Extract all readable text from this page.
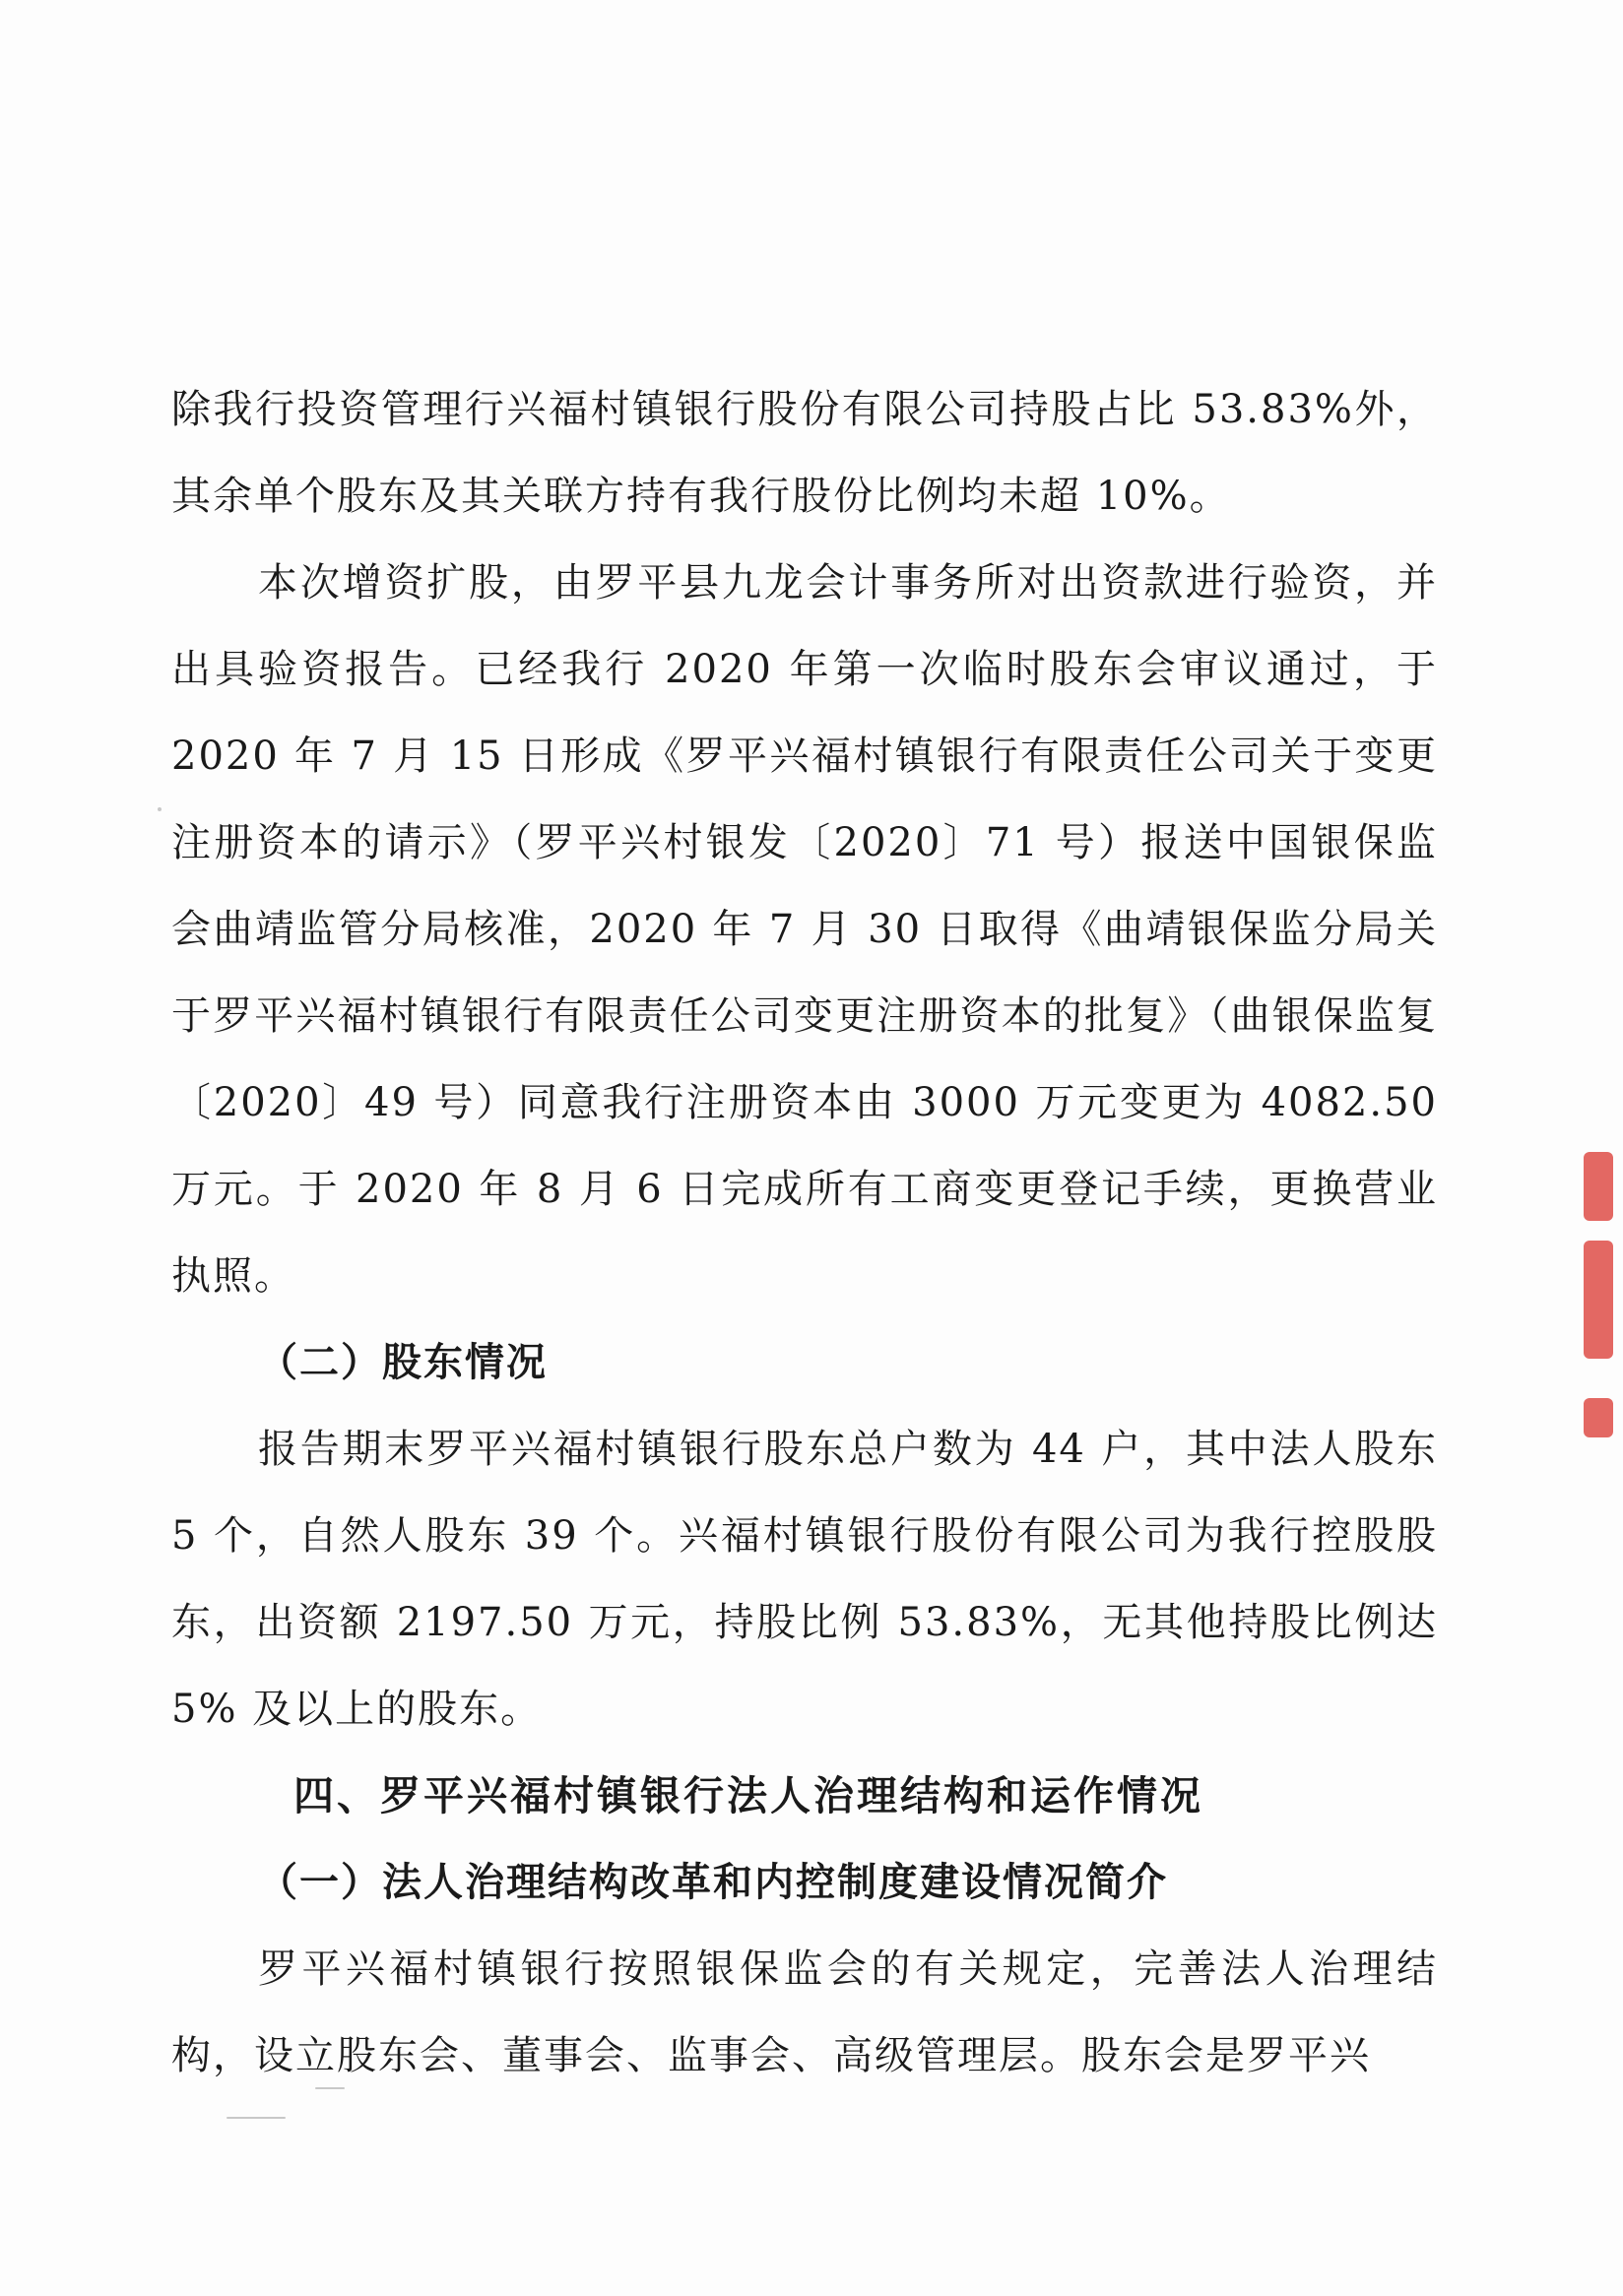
除我行投资管理行兴福村镇银行股份有限公司持股占比 53.83%外，其余单个股东及其关联方持有我行股份比例均未超 10%。

本次增资扩股，由罗平县九龙会计事务所对出资款进行验资，并出具验资报告。已经我行 2020 年第一次临时股东会审议通过，于 2020 年 7 月 15 日形成《罗平兴福村镇银行有限责任公司关于变更注册资本的请示》（罗平兴村银发〔2020〕71 号）报送中国银保监会曲靖监管分局核准，2020 年 7 月 30 日取得《曲靖银保监分局关于罗平兴福村镇银行有限责任公司变更注册资本的批复》（曲银保监复〔2020〕49 号）同意我行注册资本由 3000 万元变更为 4082.50 万元。于 2020 年 8 月 6 日完成所有工商变更登记手续，更换营业执照。

（二）股东情况

报告期末罗平兴福村镇银行股东总户数为 44 户，其中法人股东 5 个，自然人股东 39 个。兴福村镇银行股份有限公司为我行控股股东，出资额 2197.50 万元，持股比例 53.83%，无其他持股比例达 5% 及以上的股东。

四、罗平兴福村镇银行法人治理结构和运作情况

（一）法人治理结构改革和内控制度建设情况简介

罗平兴福村镇银行按照银保监会的有关规定，完善法人治理结构，设立股东会、董事会、监事会、高级管理层。股东会是罗平兴
